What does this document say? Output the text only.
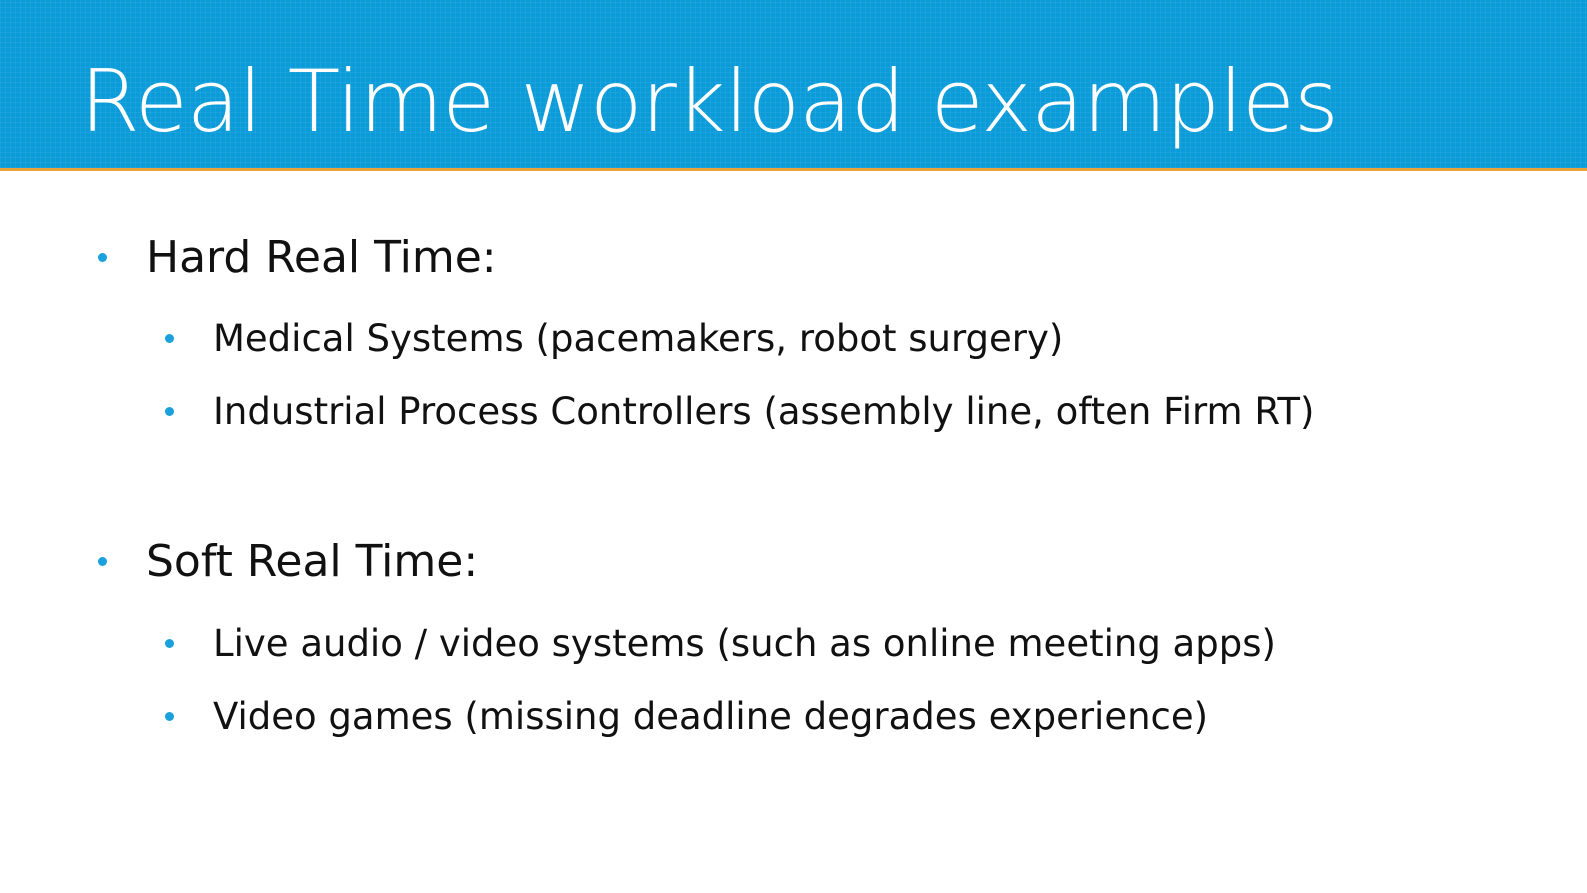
Real Time workload examples
Hard Real Time:
Medical Systems (pacemakers, robot surgery)
Industrial Process Controllers (assembly line, often Firm RT)
Soft Real Time:
Live audio / video systems (such as online meeting apps)
Video games (missing deadline degrades experience)
